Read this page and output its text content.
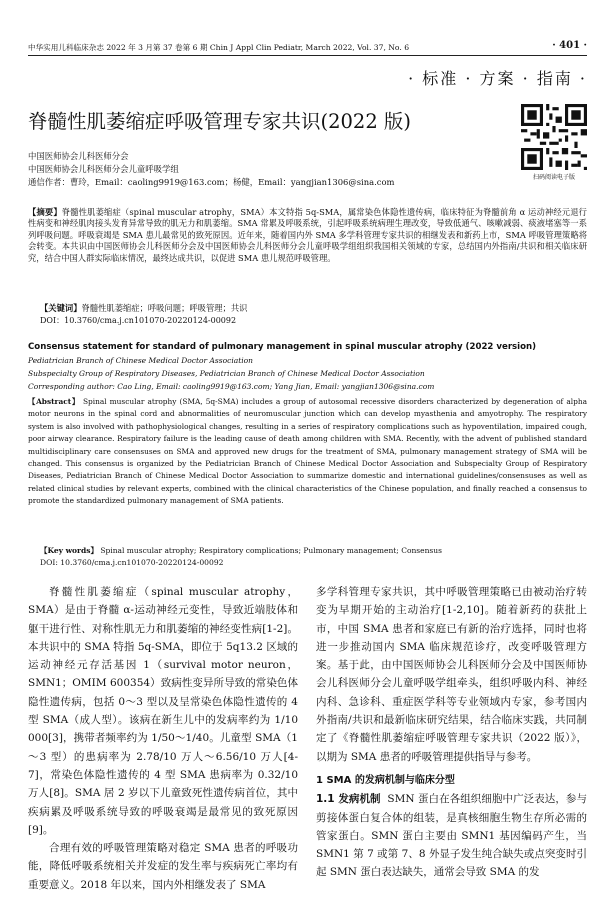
中华实用儿科临床杂志 2022 年 3 月第 37 卷第 6 期 Chin J Appl Clin Pediatr, March 2022, Vol. 37, No. 6	· 401 ·
· 标准 · 方案 · 指南 ·
脊髓性肌萎缩症呼吸管理专家共识(2022 版)
中国医师协会儿科医师分会
中国医师协会儿科医师分会儿童呼吸学组
通信作者：曹玲，Email：caoling9919@163.com；杨健，Email：yangjian1306@sina.com	扫码阅读电子版
【摘要】脊髓性肌萎缩症（spinal muscular atrophy，SMA）本文特指 5q-SMA，属常染色体隐性遗传病，临床特征为脊髓前角 α 运动神经元退行性病变和神经肌肉接头发育异常导致的肌无力和肌萎缩。SMA 常累及呼吸系统，引起呼吸系统病理生理改变，导致低通气、咳嗽减弱、痰液堵塞等一系列呼吸问题。呼吸衰竭是 SMA 患儿最常见的致死原因。近年来，随着国内外 SMA 多学科管理专家共识的相继发表和新药上市，SMA 呼吸管理策略将会转变。本共识由中国医师协会儿科医师分会及中国医师协会儿科医师分会儿童呼吸学组组织我国相关领域的专家，总结国内外指南/共识和相关临床研究，结合中国人群实际临床情况，最终达成共识，以促进 SMA 患儿规范呼吸管理。
【关键词】脊髓性肌萎缩症；呼吸问题；呼吸管理；共识
DOI：10.3760/cma.j.cn101070-20220124-00092
Consensus statement for standard of pulmonary management in spinal muscular atrophy (2022 version)
Pediatrician Branch of Chinese Medical Doctor Association
Subspecialty Group of Respiratory Diseases, Pediatrician Branch of Chinese Medical Doctor Association
Corresponding author: Cao Ling, Email: caoling9919@163.com; Yang Jian, Email: yangjian1306@sina.com
【Abstract】 Spinal muscular atrophy (SMA, 5q-SMA) includes a group of autosomal recessive disorders characterized by degeneration of alpha motor neurons in the spinal cord and abnormalities of neuromuscular junction which can develop myasthenia and amyotrophy. The respiratory system is also involved with pathophysiological changes, resulting in a series of respiratory complications such as hypoventilation, impaired cough, poor airway clearance. Respiratory failure is the leading cause of death among children with SMA. Recently, with the advent of published standard multidisciplinary care consensuses on SMA and approved new drugs for the treatment of SMA, pulmonary management strategy of SMA will be changed. This consensus is organized by the Pediatrician Branch of Chinese Medical Doctor Association and Subspecialty Group of Respiratory Diseases, Pediatrician Branch of Chinese Medical Doctor Association to summarize domestic and international guidelines/consensuses as well as related clinical studies by relevant experts, combined with the clinical characteristics of the Chinese population, and finally reached a consensus to promote the standardized pulmonary management of SMA patients.
【Key words】 Spinal muscular atrophy; Respiratory complications; Pulmonary management; Consensus
DOI: 10.3760/cma.j.cn101070-20220124-00092

脊髓性肌萎缩症（spinal muscular atrophy，SMA）是由于脊髓 α-运动神经元变性，导致近端肢体和躯干进行性、对称性肌无力和肌萎缩的神经变性病[1-2]。本共识中的 SMA 特指 5q-SMA，即位于 5q13.2 区域的运动神经元存活基因 1（survival motor neuron，SMN1；OMIM 600354）致病性变异所导致的常染色体隐性遗传病，包括 0～3 型以及呈常染色体隐性遗传的 4 型 SMA（成人型）。该病在新生儿中的发病率约为 1/10 000[3]，携带者频率约为 1/50～1/40。儿童型 SMA（1～3 型）的患病率为 2.78/10 万人～6.56/10 万人[4-7]，常染色体隐性遗传的 4 型 SMA 患病率为 0.32/10 万人[8]。SMA 居 2 岁以下儿童致死性遗传病首位，其中疾病累及呼吸系统导致的呼吸衰竭是最常见的致死原因[9]。

合理有效的呼吸管理策略对稳定 SMA 患者的呼吸功能，降低呼吸系统相关并发症的发生率与疾病死亡率均有重要意义。2018 年以来，国内外相继发表了 SMA

多学科管理专家共识，其中呼吸管理策略已由被动治疗转变为早期开始的主动治疗[1-2,10]。随着新药的获批上市，中国 SMA 患者和家庭已有新的治疗选择，同时也将进一步推动国内 SMA 临床规范诊疗，改变呼吸管理方案。基于此，由中国医师协会儿科医师分会及中国医师协会儿科医师分会儿童呼吸学组牵头，组织呼吸内科、神经内科、急诊科、重症医学科等专业领域内专家，参考国内外指南/共识和最新临床研究结果，结合临床实践，共同制定了《脊髓性肌萎缩症呼吸管理专家共识（2022 版）》，以期为 SMA 患者的呼吸管理提供指导与参考。

1 SMA 的发病机制与临床分型

1.1 发病机制 SMN 蛋白在各组织细胞中广泛表达，参与剪接体蛋白复合体的组装，是真核细胞生物生存所必需的管家蛋白。SMN 蛋白主要由 SMN1 基因编码产生，当 SMN1 第 7 或第 7、8 外显子发生纯合缺失或点突变时引起 SMN 蛋白表达缺失，通常会导致 SMA 的发
